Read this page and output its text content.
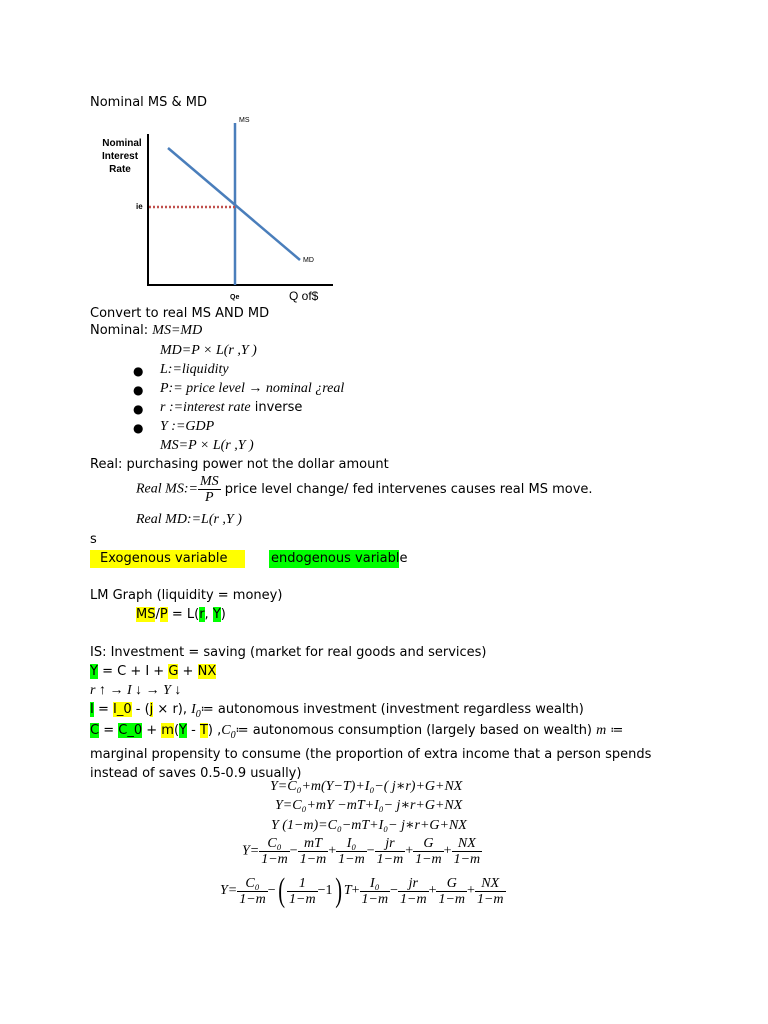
Nominal MS & MD
Nominal
Interest
Rate
MS
MD
ie
Qe	Q of$
Convert to real MS AND MD
Nominal: MS=MD
MD=P × L(r ,Y )
● L:=liquidity
● P:= price level → nominal ¿real
● r :=interest rate inverse
● Y :=GDP
MS=P × L(r ,Y )
Real: purchasing power not the dollar amount
Real MS:= $\frac{MS}{P}$ price level change/ fed intervenes causes real MS move.
Real MD:=L(r ,Y )
s
Exogenous variable	endogenous variable
LM Graph (liquidity = money)
MS/P = L(r, Y)
IS: Investment = saving (market for real goods and services)
Y = C + I + G + NX
r ↑ → I ↓ → Y ↓
I = I_0 - (j × r), $I_0≔$ autonomous investment (investment regardless wealth)
C = C_0 + m(Y - T) $,C_0≔$ autonomous consumption (largely based on wealth) m ≔ marginal propensity to consume (the proportion of extra income that a person spends instead of saves 0.5-0.9 usually)
Y=C₀+m(Y−T)+I₀−( j∗r)+G+NX
Y=C₀+mY −mT+I₀− j∗r+G+NX
Y (1−m)=C₀−mT+I₀− j∗r+G+NX
$Y= \frac{\text{C₀}}{1-m} - \frac{mT}{1-m} + \frac{\text{I₀}}{1-m} - \frac{jr}{1-m} + \frac{G}{1-m} + \frac{NX}{1-m}$
$Y= \frac{\text{C₀}}{1-m}$ −( $\frac{1}{1-m} -1$) $T+ \frac{\text{I₀}}{1-m} - \frac{jr}{1-m} + \frac{G}{1-m} + \frac{NX}{1-m}$
